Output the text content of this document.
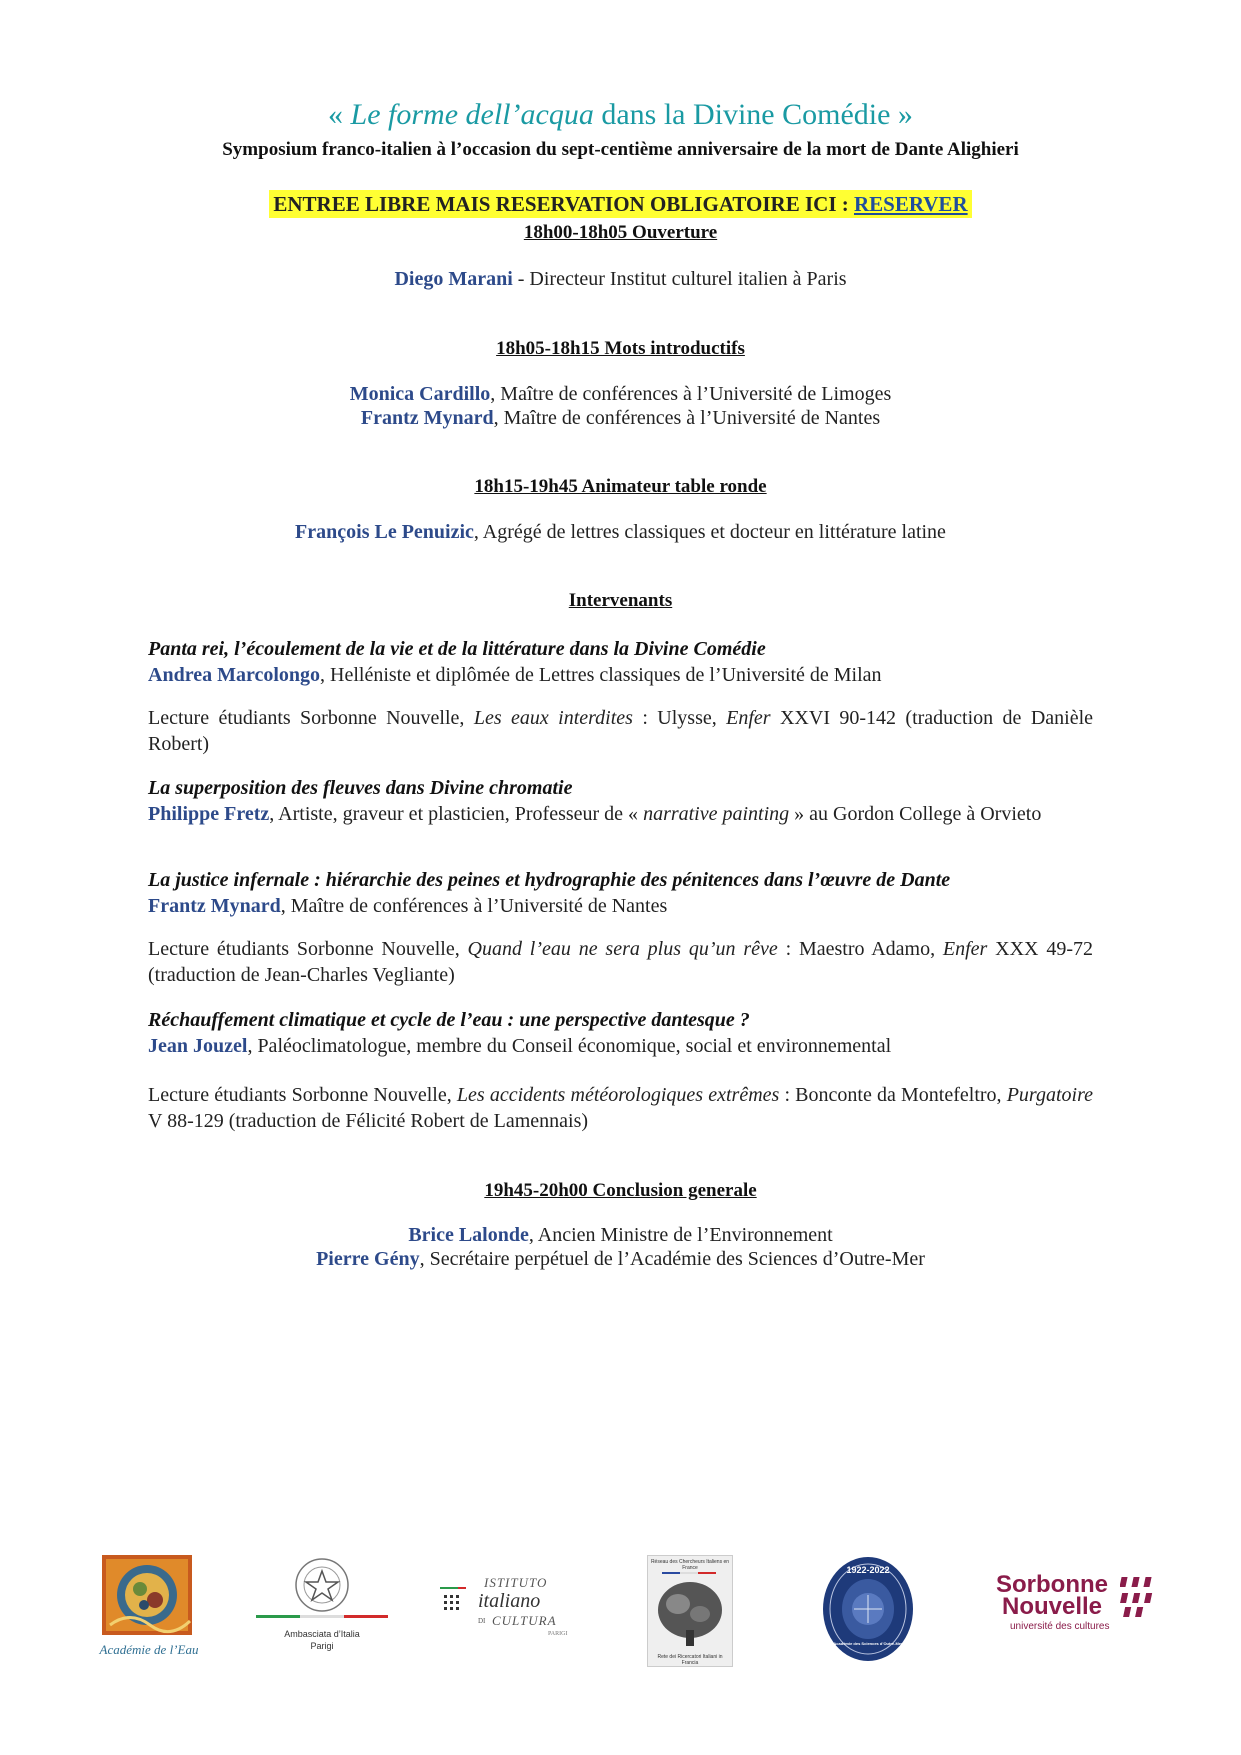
« Le forme dell’acqua dans la Divine Comédie »
Symposium franco-italien à l’occasion du sept-centième anniversaire de la mort de Dante Alighieri
ENTREE LIBRE MAIS RESERVATION OBLIGATOIRE ICI : RESERVER
18h00-18h05 Ouverture
Diego Marani - Directeur Institut culturel italien à Paris
18h05-18h15 Mots introductifs
Monica Cardillo, Maître de conférences à l’Université de Limoges
Frantz Mynard, Maître de conférences à l’Université de Nantes
18h15-19h45 Animateur table ronde
François Le Penuizic, Agrégé de lettres classiques et docteur en littérature latine
Intervenants
Panta rei, l’écoulement de la vie et de la littérature dans la Divine Comédie
Andrea Marcolongo, Helléniste et diplômée de Lettres classiques de l’Université de Milan
Lecture étudiants Sorbonne Nouvelle, Les eaux interdites : Ulysse, Enfer XXVI 90-142 (traduction de Danièle Robert)
La superposition des fleuves dans Divine chromatie
Philippe Fretz, Artiste, graveur et plasticien, Professeur de « narrative painting » au Gordon College à Orvieto
La justice infernale : hiérarchie des peines et hydrographie des pénitences dans l’œuvre de Dante
Frantz Mynard, Maître de conférences à l’Université de Nantes
Lecture étudiants Sorbonne Nouvelle, Quand l’eau ne sera plus qu’un rêve : Maestro Adamo, Enfer XXX 49-72 (traduction de Jean-Charles Vegliante)
Réchauffement climatique et cycle de l’eau : une perspective dantesque ?
Jean Jouzel, Paléoclimatologue, membre du Conseil économique, social et environnemental
Lecture étudiants Sorbonne Nouvelle, Les accidents météorologiques extrêmes : Bonconte da Montefeltro, Purgatoire V 88-129 (traduction de Félicité Robert de Lamennais)
19h45-20h00 Conclusion generale
Brice Lalonde, Ancien Ministre de l’Environnement
Pierre Gény, Secrétaire perpétuel de l’Académie des Sciences d’Outre-Mer
Académie de l’Eau
Ambasciata d’Italia
Parigi
ISTITUTO
italiano
DI CULTURA
PARIGI
Réseau des Chercheurs Italiens en France
Rete dei Ricercatori Italiani in Francia
1922-2022
Académie des Sciences d’Outre-Mer
Sorbonne
Nouvelle
université des cultures
